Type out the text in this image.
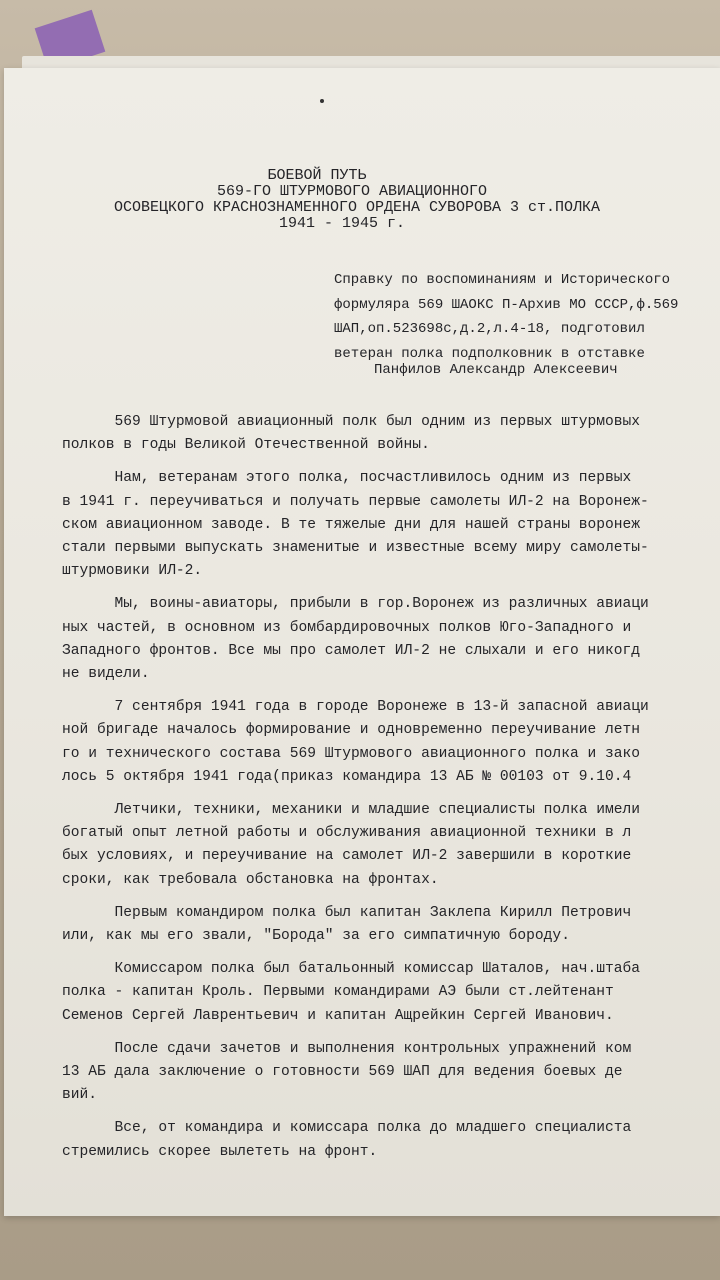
БОЕВОЙ ПУТЬ
569-ГО ШТУРМОВОГО АВИАЦИОННОГО
ОСОВЕЦКОГО КРАСНОЗНАМЕННОГО ОРДЕНА СУВОРОВА 3 ст.ПОЛКА
1941 - 1945 г.
Справку по воспоминаниям и Исторического
формуляра 569 ШАОКС П-Архив МО СССР,ф.569
ШАП,оп.523698с,д.2,л.4-18, подготовил
ветеран полка подполковник в отставке
Панфилов Александр Алексеевич
569 Штурмовой авиационный полк был одним из первых штурмовых
полков в годы Великой Отечественной войны.
Нам, ветеранам этого полка, посчастливилось одним из первых
в 1941 г. переучиваться и получать первые самолеты ИЛ-2 на Воронеж-
ском авиационном заводе. В те тяжелые дни для нашей страны воронеж
стали первыми выпускать знаменитые и известные всему миру самолеты-
штурмовики ИЛ-2.
Мы, воины-авиаторы, прибыли в гор.Воронеж из различных авиаци
ных частей, в основном из бомбардировочных полков Юго-Западного и
Западного фронтов. Все мы про самолет ИЛ-2 не слыхали и его никогд
не видели.
7 сентября 1941 года в городе Воронеже в 13-й запасной авиаци
ной бригаде началось формирование и одновременно переучивание летн
го и технического состава 569 Штурмового авиационного полка и зако
лось 5 октября 1941 года(приказ командира 13 АБ № 00103 от 9.10.4
Летчики, техники, механики и младшие специалисты полка имели
богатый опыт летной работы и обслуживания авиационной техники в л
бых условиях, и переучивание на самолет ИЛ-2 завершили в короткие
сроки, как требовала обстановка на фронтах.
Первым командиром полка был капитан Заклепа Кирилл Петрович
или, как мы его звали, "Борода" за его симпатичную бороду.
Комиссаром полка был батальонный комиссар Шаталов, нач.штаба
полка - капитан Кроль. Первыми командирами АЭ были ст.лейтенант
Семенов Сергей Лаврентьевич и капитан Ащрейкин Сергей Иванович.
После сдачи зачетов и выполнения контрольных упражнений ком
13 АБ дала заключение о готовности 569 ШАП для ведения боевых де
вий.
Все, от командира и комиссара полка до младшего специалиста
стремились скорее вылететь на фронт.
